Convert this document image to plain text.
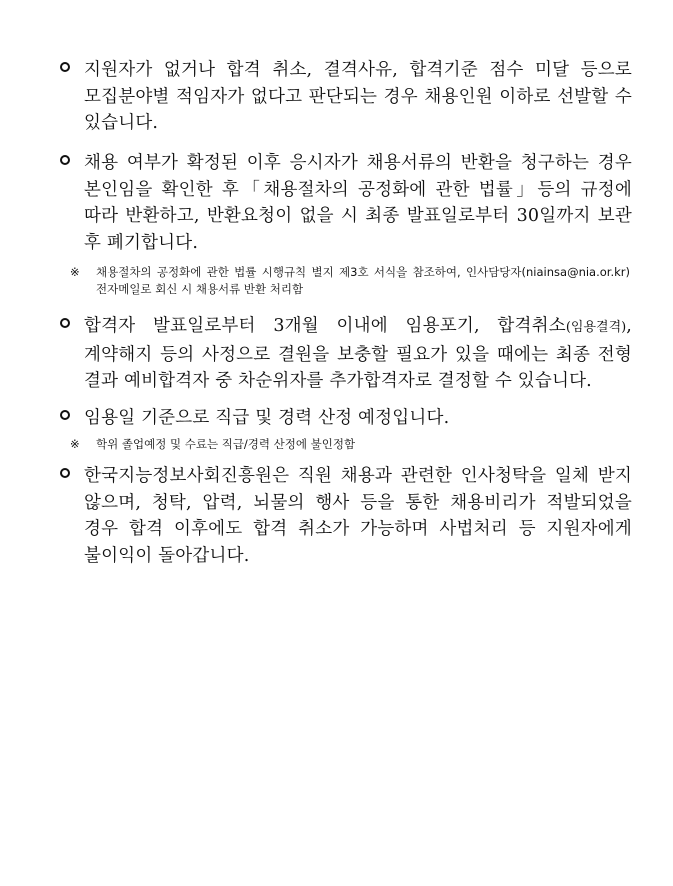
지원자가 없거나 합격 취소, 결격사유, 합격기준 점수 미달 등으로 모집분야별 적임자가 없다고 판단되는 경우 채용인원 이하로 선발할 수 있습니다.
채용 여부가 확정된 이후 응시자가 채용서류의 반환을 청구하는 경우 본인임을 확인한 후「채용절차의 공정화에 관한 법률」등의 규정에 따라 반환하고, 반환요청이 없을 시 최종 발표일로부터 30일까지 보관 후 폐기합니다.
※ 채용절차의 공정화에 관한 법률 시행규칙 별지 제3호 서식을 참조하여, 인사담당자(niainsa@nia.or.kr) 전자메일로 회신 시 채용서류 반환 처리함
합격자 발표일로부터 3개월 이내에 임용포기, 합격취소(임용결격), 계약해지 등의 사정으로 결원을 보충할 필요가 있을 때에는 최종 전형 결과 예비합격자 중 차순위자를 추가합격자로 결정할 수 있습니다.
임용일 기준으로 직급 및 경력 산정 예정입니다.
※ 학위 졸업예정 및 수료는 직급/경력 산정에 불인정함
한국지능정보사회진흥원은 직원 채용과 관련한 인사청탁을 일체 받지 않으며, 청탁, 압력, 뇌물의 행사 등을 통한 채용비리가 적발되었을 경우 합격 이후에도 합격 취소가 가능하며 사법처리 등 지원자에게 불이익이 돌아갑니다.
